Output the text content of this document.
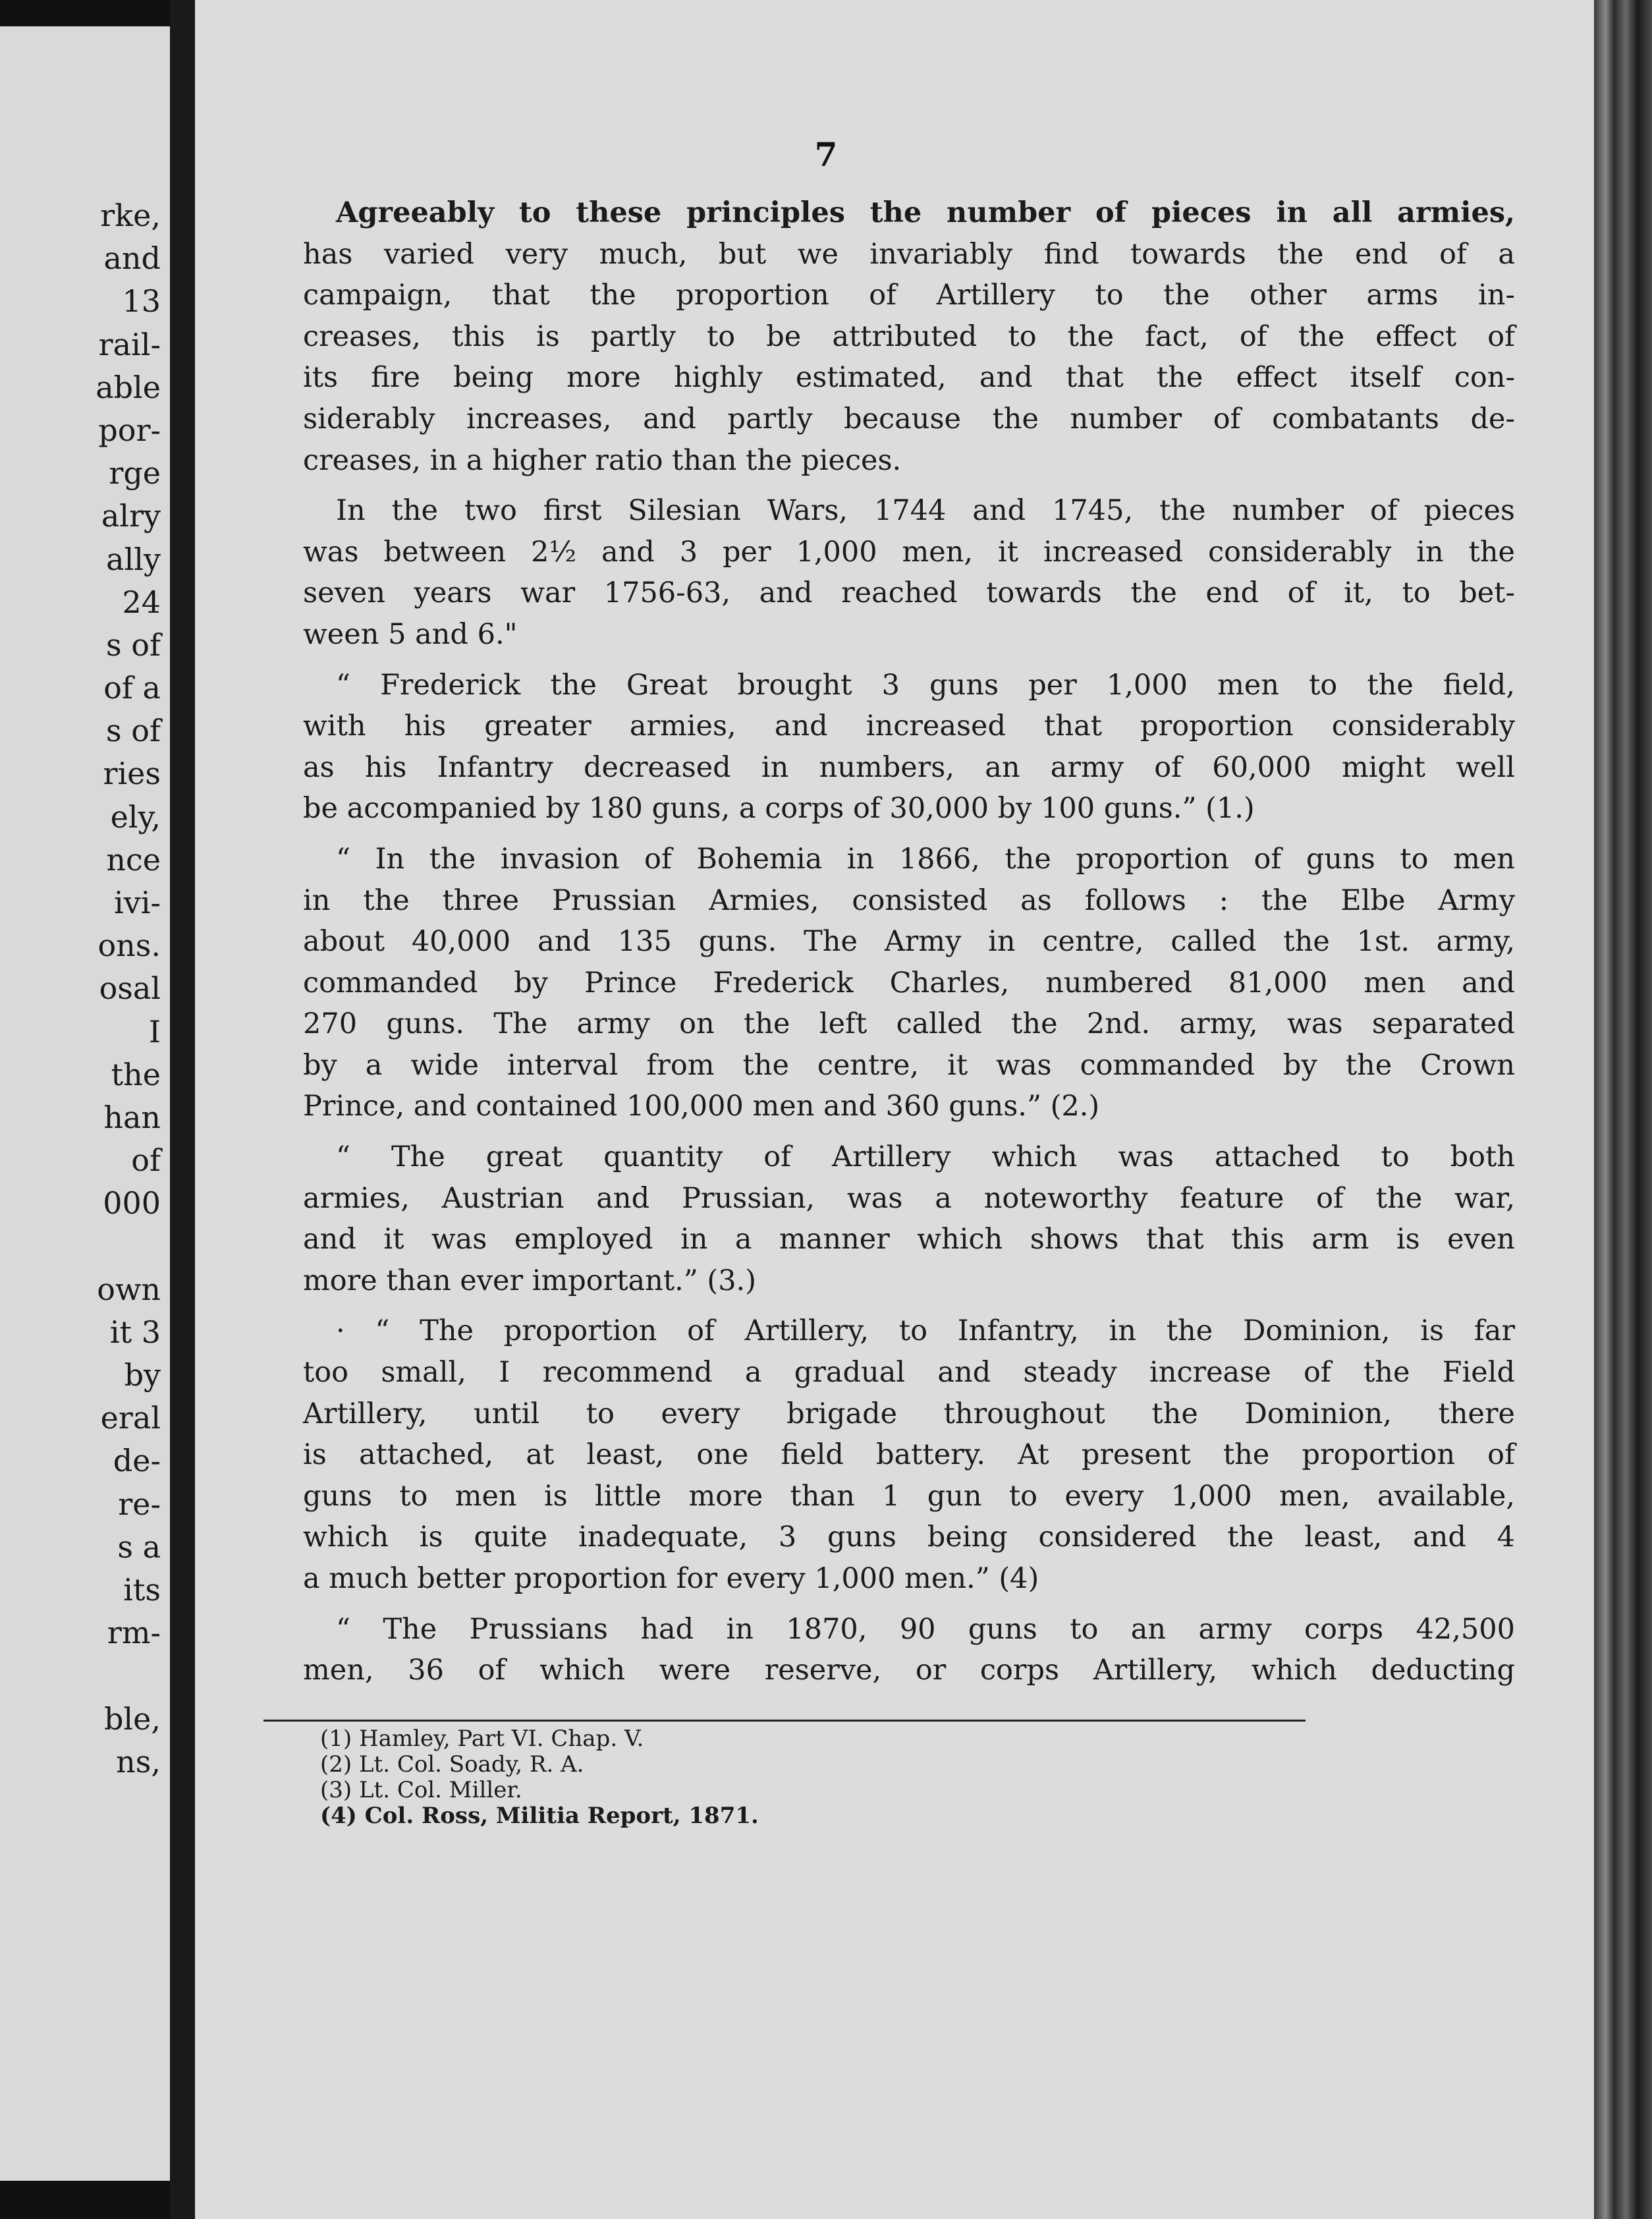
rke,
and
13
rail-
able
por-
rge
alry
ally
24
s of
of a
s of
ries
ely,
nce
ivi-
ons.
osal
I
the
han
of
000
own
it 3
by
eral
de-
re-
s a
its
rm-
ble,
ns,
7
Agreeably to these principles the number of pieces in all armies,
has varied very much, but we invariably find towards the end of a
campaign, that the proportion of Artillery to the other arms in-
creases, this is partly to be attributed to the fact, of the effect of
its fire being more highly estimated, and that the effect itself con-
siderably increases, and partly because the number of combatants de-
creases, in a higher ratio than the pieces.
In the two first Silesian Wars, 1744 and 1745, the number of pieces
was between 2½ and 3 per 1,000 men, it increased considerably in the
seven years war 1756-63, and reached towards the end of it, to bet-
ween 5 and 6."
“ Frederick the Great brought 3 guns per 1,000 men to the field,
with his greater armies, and increased that proportion considerably
as his Infantry decreased in numbers, an army of 60,000 might well
be accompanied by 180 guns, a corps of 30,000 by 100 guns.” (1.)
“ In the invasion of Bohemia in 1866, the proportion of guns to men
in the three Prussian Armies, consisted as follows : the Elbe Army
about 40,000 and 135 guns. The Army in centre, called the 1st. army,
commanded by Prince Frederick Charles, numbered 81,000 men and
270 guns. The army on the left called the 2nd. army, was separated
by a wide interval from the centre, it was commanded by the Crown
Prince, and contained 100,000 men and 360 guns.” (2.)
“ The great quantity of Artillery which was attached to both
armies, Austrian and Prussian, was a noteworthy feature of the war,
and it was employed in a manner which shows that this arm is even
more than ever important.” (3.)
· “ The proportion of Artillery, to Infantry, in the Dominion, is far
too small, I recommend a gradual and steady increase of the Field
Artillery, until to every brigade throughout the Dominion, there
is attached, at least, one field battery. At present the proportion of
guns to men is little more than 1 gun to every 1,000 men, available,
which is quite inadequate, 3 guns being considered the least, and 4
a much better proportion for every 1,000 men.” (4)
“ The Prussians had in 1870, 90 guns to an army corps 42,500
men, 36 of which were reserve, or corps Artillery, which deducting
(1) Hamley, Part VI. Chap. V.
(2) Lt. Col. Soady, R. A.
(3) Lt. Col. Miller.
(4) Col. Ross, Militia Report, 1871.
